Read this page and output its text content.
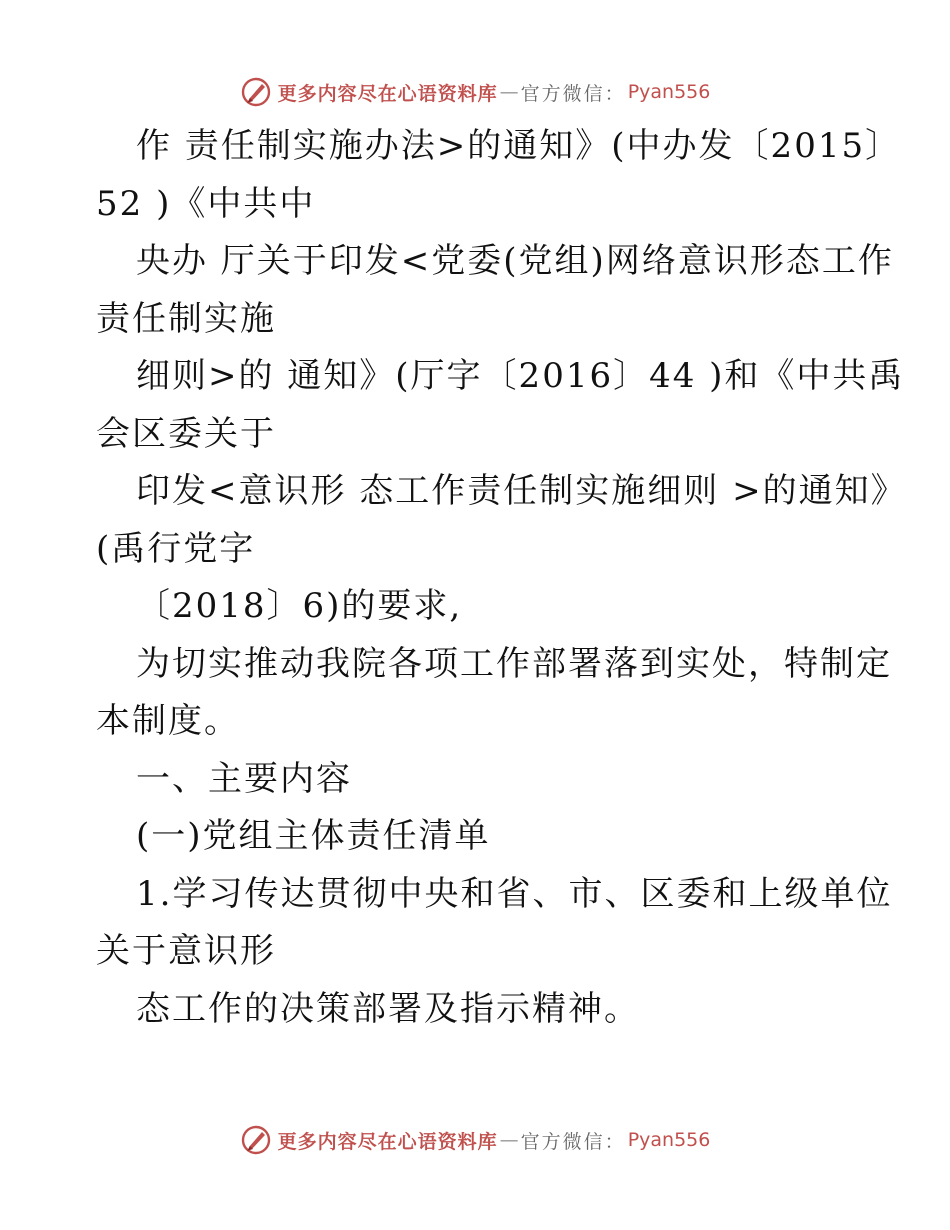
更多内容尽在心语资料库 — 官方微信： Pyan556
作 责任制实施办法>的通知》(中办发〔2015〕
52 )《中共中
央办 厅关于印发<党委(党组)网络意识形态工作
责任制实施
细则>的 通知》(厅字〔2016〕44 )和《中共禹
会区委关于
印发<意识形 态工作责任制实施细则 >的通知》
(禹行党字
〔2018〕6)的要求,
为切实推动我院各项工作部署落到实处，特制定
本制度。
一、主要内容
(一)党组主体责任清单
1.学习传达贯彻中央和省、市、区委和上级单位
关于意识形
态工作的决策部署及指示精神。
更多内容尽在心语资料库 — 官方微信： Pyan556
